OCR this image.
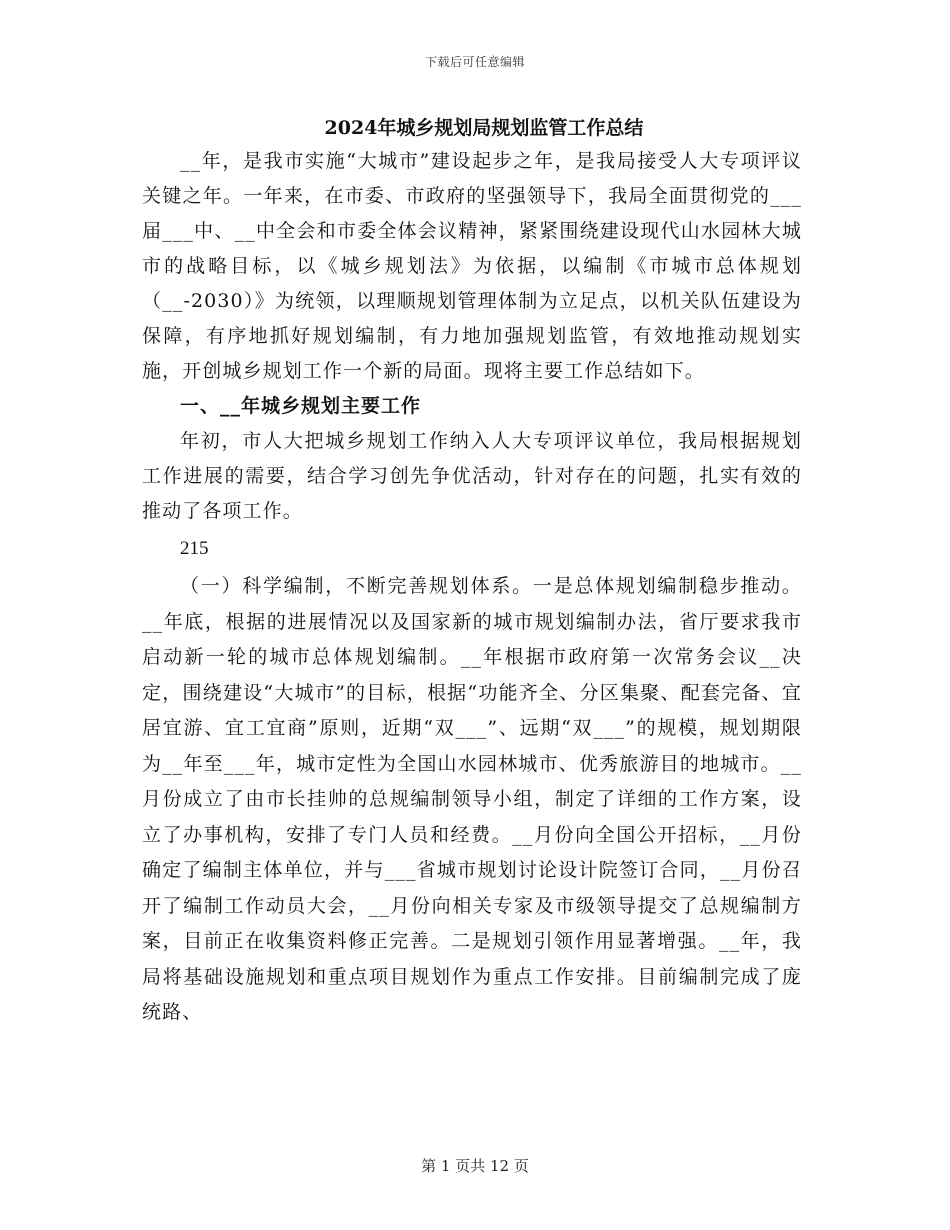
下载后可任意编辑
2024年城乡规划局规划监管工作总结

__年，是我市实施“大城市”建设起步之年，是我局接受人大专项评议关键之年。一年来，在市委、市政府的坚强领导下，我局全面贯彻党的___届___中、__中全会和市委全体会议精神，紧紧围绕建设现代山水园林大城市的战略目标，以《城乡规划法》为依据，以编制《市城市总体规划（__-2030）》为统领，以理顺规划管理体制为立足点，以机关队伍建设为保障，有序地抓好规划编制，有力地加强规划监管，有效地推动规划实施，开创城乡规划工作一个新的局面。现将主要工作总结如下。

一、__年城乡规划主要工作

年初，市人大把城乡规划工作纳入人大专项评议单位，我局根据规划工作进展的需要，结合学习创先争优活动，针对存在的问题，扎实有效的推动了各项工作。

215

（一）科学编制，不断完善规划体系。一是总体规划编制稳步推动。__年底，根据的进展情况以及国家新的城市规划编制办法，省厅要求我市启动新一轮的城市总体规划编制。__年根据市政府第一次常务会议__决定，围绕建设“大城市”的目标，根据“功能齐全、分区集聚、配套完备、宜居宜游、宜工宜商”原则，近期“双___”、远期“双___”的规模，规划期限为__年至___年，城市定性为全国山水园林城市、优秀旅游目的地城市。__月份成立了由市长挂帅的总规编制领导小组，制定了详细的工作方案，设立了办事机构，安排了专门人员和经费。__月份向全国公开招标，__月份确定了编制主体单位，并与___省城市规划讨论设计院签订合同，__月份召开了编制工作动员大会，__月份向相关专家及市级领导提交了总规编制方案，目前正在收集资料修正完善。二是规划引领作用显著增强。__年，我局将基础设施规划和重点项目规划作为重点工作安排。目前编制完成了庞统路、

第 1 页共 12 页
